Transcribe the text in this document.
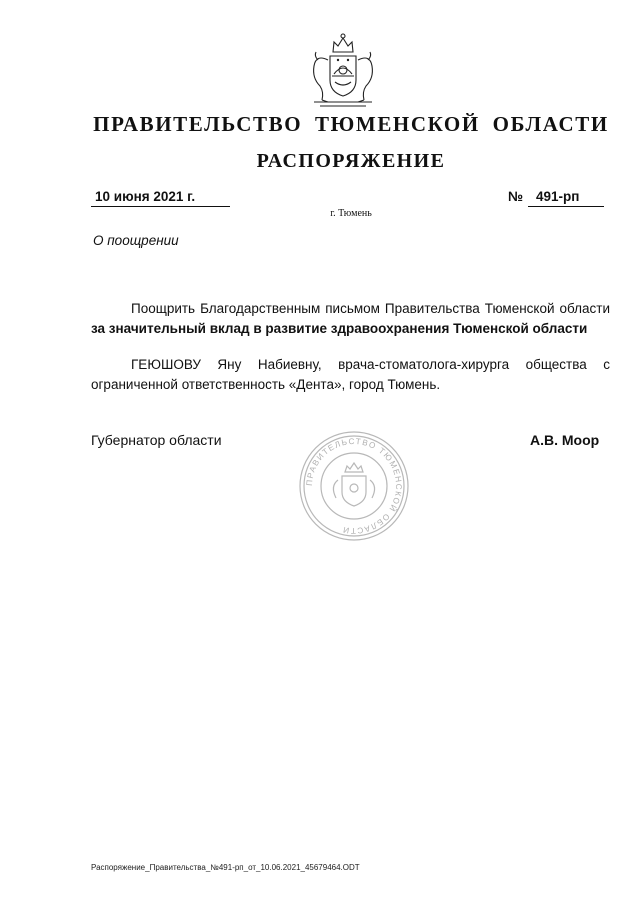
ПРАВИТЕЛЬСТВО ТЮМЕНСКОЙ ОБЛАСТИ
РАСПОРЯЖЕНИЕ
10 июня 2021 г.	№ 491-рп
г. Тюмень
О поощрении
Поощрить Благодарственным письмом Правительства Тюменской области за значительный вклад в развитие здравоохранения Тюменской области
ГЕЮШОВУ Яну Набиевну, врача-стоматолога-хирурга общества с ограниченной ответственность «Дента», город Тюмень.
Губернатор области
ПРАВИТЕЛЬСТВО ТЮМЕНСКОЙ ОБЛАСТИ
А.В. Моор
Распоряжение_Правительства_№491-рп_от_10.06.2021_45679464.ODT
